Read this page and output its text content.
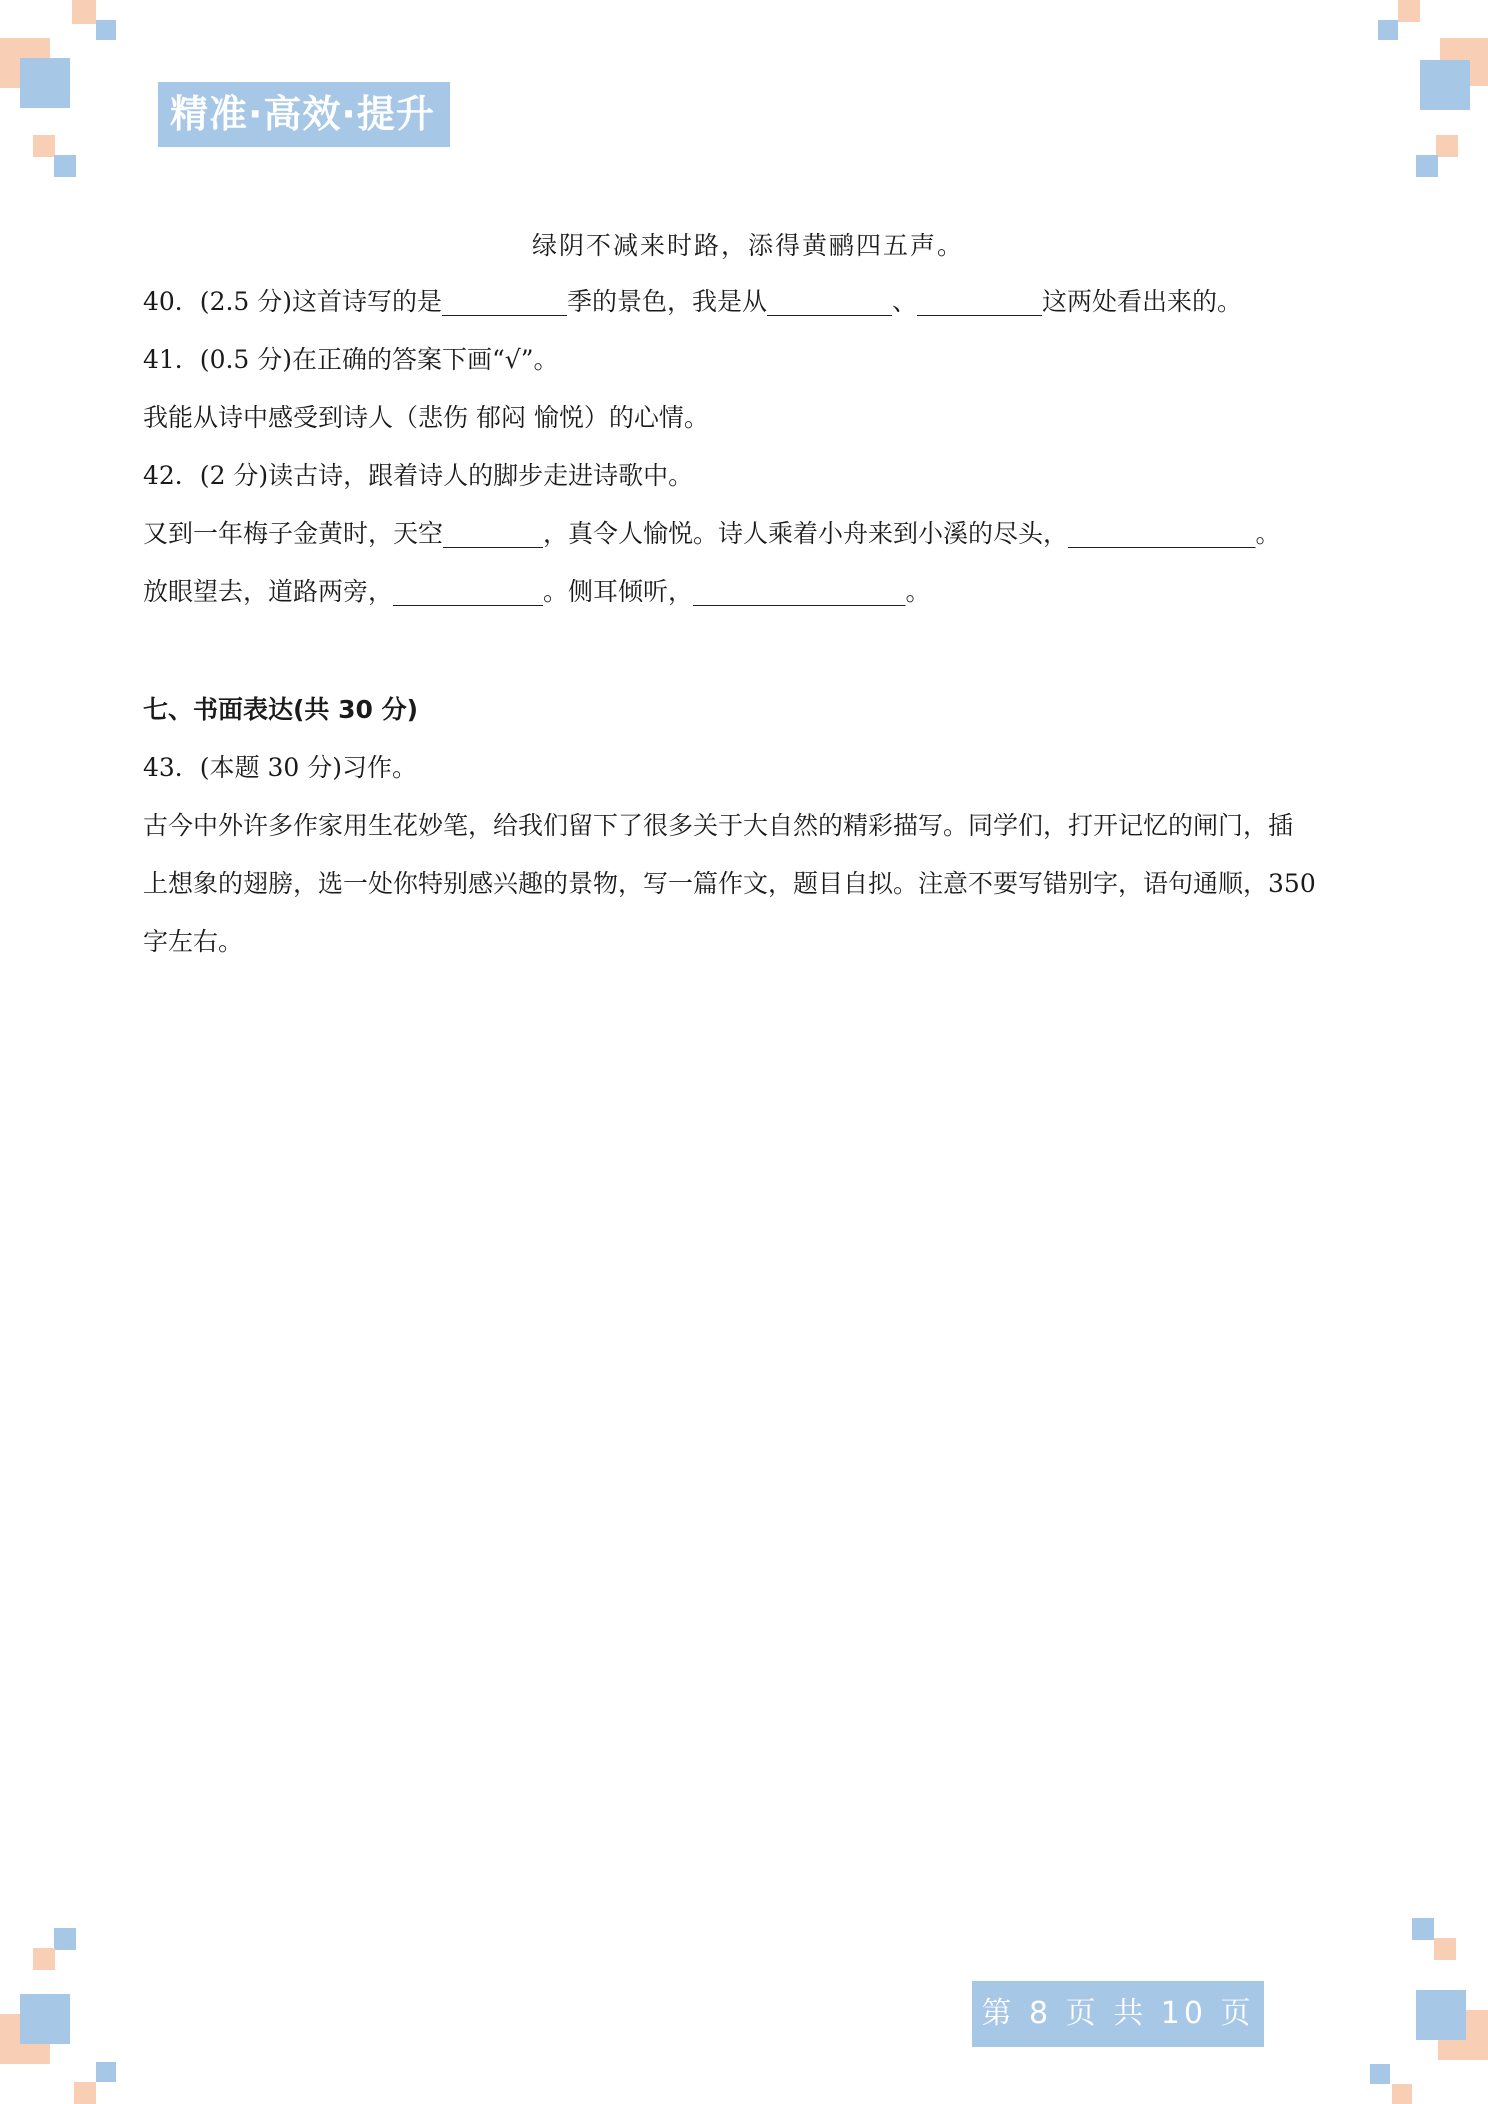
精准·高效·提升
绿阴不减来时路，添得黄鹂四五声。
40．(2.5 分)这首诗写的是__________季的景色，我是从__________、__________这两处看出来的。
41．(0.5 分)在正确的答案下画“√”。
我能从诗中感受到诗人（悲伤 郁闷 愉悦）的心情。
42．(2 分)读古诗，跟着诗人的脚步走进诗歌中。
又到一年梅子金黄时，天空________，真令人愉悦。诗人乘着小舟来到小溪的尽头，_______________。
放眼望去，道路两旁，____________。侧耳倾听，_________________。
七、书面表达(共 30 分)
43．(本题 30 分)习作。
古今中外许多作家用生花妙笔，给我们留下了很多关于大自然的精彩描写。同学们，打开记忆的闸门，插
上想象的翅膀，选一处你特别感兴趣的景物，写一篇作文，题目自拟。注意不要写错别字，语句通顺，350
字左右。
第 8 页 共 10 页
